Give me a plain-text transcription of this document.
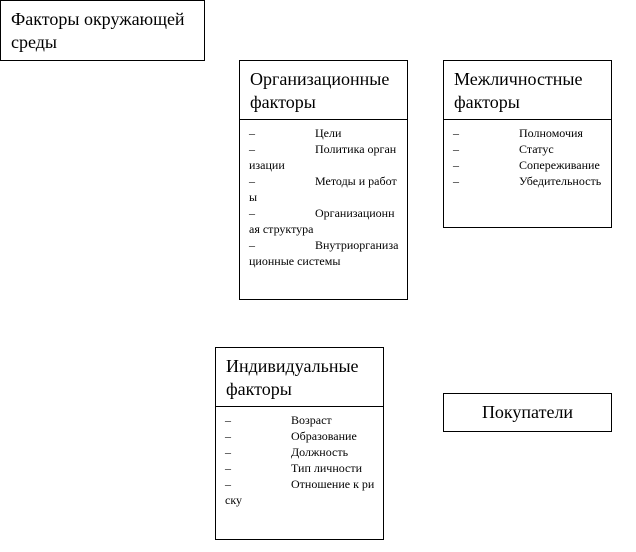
Факторы окружающей
среды
Организационные
факторы
–	Цели
–	Политика организации
–	Методы и работы
–	Организационная структура
–	Внутриорганизационные системы
Межличностные
факторы
–	Полномочия
–	Статус
–	Сопереживание
–	Убедительность
Индивидуальные
факторы
–	Возраст
–	Образование
–	Должность
–	Тип личности
–	Отношение к риску
Покупатели
